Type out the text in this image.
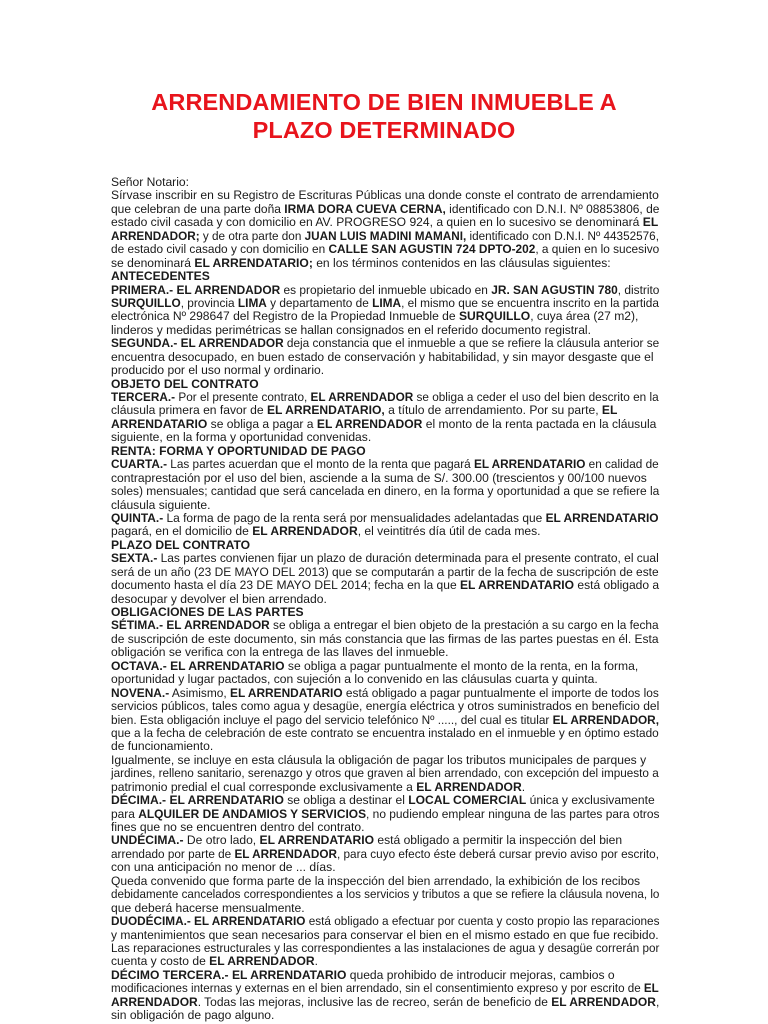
ARRENDAMIENTO DE BIEN INMUEBLE A
PLAZO DETERMINADO
Señor Notario:
Sírvase inscribir en su Registro de Escrituras Públicas una donde conste el contrato de arrendamiento
que celebran de una parte doña IRMA DORA CUEVA CERNA, identificado con D.N.I. Nº 08853806, de
estado civil casada y con domicilio en AV. PROGRESO 924, a quien en lo sucesivo se denominará EL
ARRENDADOR; y de otra parte don JUAN LUIS MADINI MAMANI, identificado con D.N.I. Nº 44352576,
de estado civil casado y con domicilio en CALLE SAN AGUSTIN 724 DPTO-202, a quien en lo sucesivo
se denominará EL ARRENDATARIO; en los términos contenidos en las cláusulas siguientes:
ANTECEDENTES
PRIMERA.- EL ARRENDADOR es propietario del inmueble ubicado en JR. SAN AGUSTIN 780, distrito
SURQUILLO, provincia LIMA y departamento de LIMA, el mismo que se encuentra inscrito en la partida
electrónica Nº 298647 del Registro de la Propiedad Inmueble de SURQUILLO, cuya área (27 m2),
linderos y medidas perimétricas se hallan consignados en el referido documento registral.
SEGUNDA.- EL ARRENDADOR deja constancia que el inmueble a que se refiere la cláusula anterior se
encuentra desocupado, en buen estado de conservación y habitabilidad, y sin mayor desgaste que el
producido por el uso normal y ordinario.
OBJETO DEL CONTRATO
TERCERA.- Por el presente contrato, EL ARRENDADOR se obliga a ceder el uso del bien descrito en la
cláusula primera en favor de EL ARRENDATARIO, a título de arrendamiento. Por su parte, EL
ARRENDATARIO se obliga a pagar a EL ARRENDADOR el monto de la renta pactada en la cláusula
siguiente, en la forma y oportunidad convenidas.
RENTA: FORMA Y OPORTUNIDAD DE PAGO
CUARTA.- Las partes acuerdan que el monto de la renta que pagará EL ARRENDATARIO en calidad de
contraprestación por el uso del bien, asciende a la suma de S/. 300.00 (trescientos y 00/100 nuevos
soles) mensuales; cantidad que será cancelada en dinero, en la forma y oportunidad a que se refiere la
cláusula siguiente.
QUINTA.- La forma de pago de la renta será por mensualidades adelantadas que EL ARRENDATARIO
pagará, en el domicilio de EL ARRENDADOR, el veintitrés día útil de cada mes.
PLAZO DEL CONTRATO
SEXTA.- Las partes convienen fijar un plazo de duración determinada para el presente contrato, el cual
será de un año (23 DE MAYO DEL 2013) que se computarán a partir de la fecha de suscripción de este
documento hasta el día 23 DE MAYO DEL 2014; fecha en la que EL ARRENDATARIO está obligado a
desocupar y devolver el bien arrendado.
OBLIGACIONES DE LAS PARTES
SÉTIMA.- EL ARRENDADOR se obliga a entregar el bien objeto de la prestación a su cargo en la fecha
de suscripción de este documento, sin más constancia que las firmas de las partes puestas en él. Esta
obligación se verifica con la entrega de las llaves del inmueble.
OCTAVA.- EL ARRENDATARIO se obliga a pagar puntualmente el monto de la renta, en la forma,
oportunidad y lugar pactados, con sujeción a lo convenido en las cláusulas cuarta y quinta.
NOVENA.- Asimismo, EL ARRENDATARIO está obligado a pagar puntualmente el importe de todos los
servicios públicos, tales como agua y desagüe, energía eléctrica y otros suministrados en beneficio del
bien. Esta obligación incluye el pago del servicio telefónico Nº ....., del cual es titular EL ARRENDADOR,
que a la fecha de celebración de este contrato se encuentra instalado en el inmueble y en óptimo estado
de funcionamiento.
Igualmente, se incluye en esta cláusula la obligación de pagar los tributos municipales de parques y
jardines, relleno sanitario, serenazgo y otros que graven al bien arrendado, con excepción del impuesto a
patrimonio predial el cual corresponde exclusivamente a EL ARRENDADOR.
DÉCIMA.- EL ARRENDATARIO se obliga a destinar el LOCAL COMERCIAL única y exclusivamente
para ALQUILER DE ANDAMIOS Y SERVICIOS, no pudiendo emplear ninguna de las partes para otros
fines que no se encuentren dentro del contrato.
UNDÉCIMA.- De otro lado, EL ARRENDATARIO está obligado a permitir la inspección del bien
arrendado por parte de EL ARRENDADOR, para cuyo efecto éste deberá cursar previo aviso por escrito,
con una anticipación no menor de ... días.
Queda convenido que forma parte de la inspección del bien arrendado, la exhibición de los recibos
debidamente cancelados correspondientes a los servicios y tributos a que se refiere la cláusula novena, lo
que deberá hacerse mensualmente.
DUODÉCIMA.- EL ARRENDATARIO está obligado a efectuar por cuenta y costo propio las reparaciones
y mantenimientos que sean necesarios para conservar el bien en el mismo estado en que fue recibido.
Las reparaciones estructurales y las correspondientes a las instalaciones de agua y desagüe correrán por
cuenta y costo de EL ARRENDADOR.
DÉCIMO TERCERA.- EL ARRENDATARIO queda prohibido de introducir mejoras, cambios o
modificaciones internas y externas en el bien arrendado, sin el consentimiento expreso y por escrito de EL
ARRENDADOR. Todas las mejoras, inclusive las de recreo, serán de beneficio de EL ARRENDADOR,
sin obligación de pago alguno.
